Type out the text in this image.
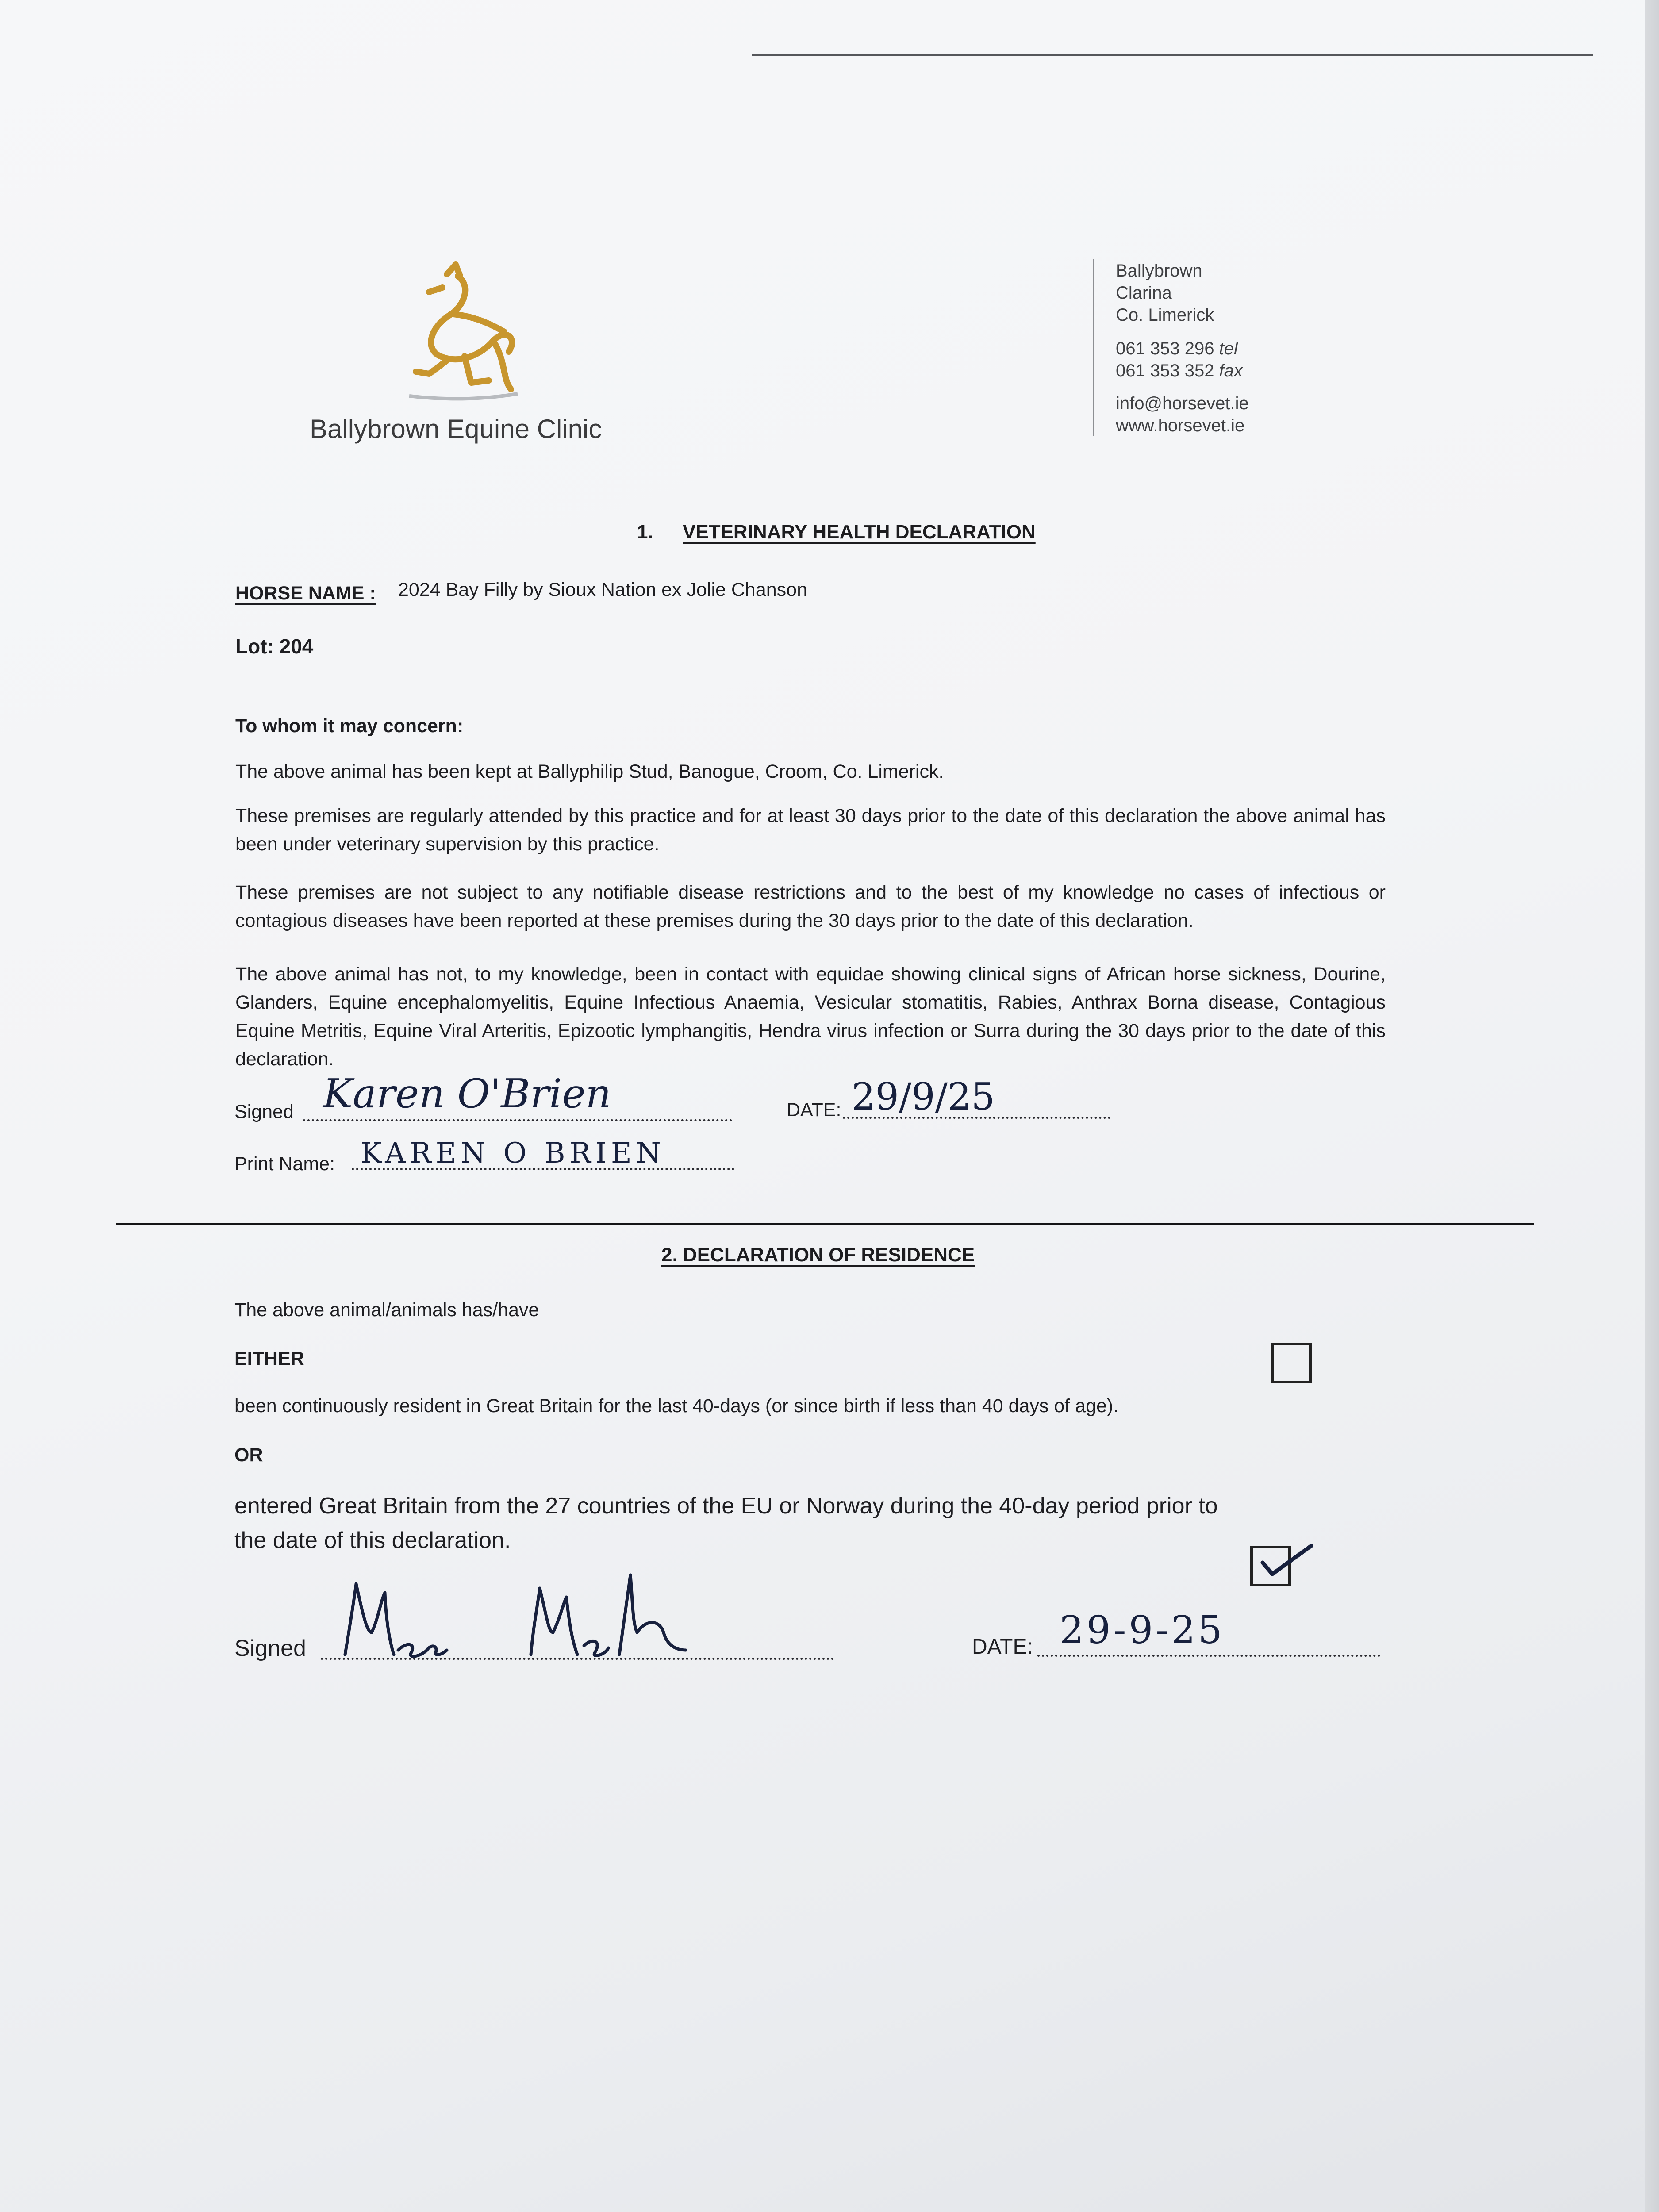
Ballybrown Equine Clinic
Ballybrown
Clarina
Co. Limerick
061 353 296 tel
061 353 352 fax
info@horsevet.ie
www.horsevet.ie
1. VETERINARY HEALTH DECLARATION
HORSE NAME : 2024 Bay Filly by Sioux Nation ex Jolie Chanson
Lot: 204
To whom it may concern:
The above animal has been kept at Ballyphilip Stud, Banogue, Croom, Co. Limerick.
These premises are regularly attended by this practice and for at least 30 days prior to the date of this declaration the above animal has been under veterinary supervision by this practice.
These premises are not subject to any notifiable disease restrictions and to the best of my knowledge no cases of infectious or contagious diseases have been reported at these premises during the 30 days prior to the date of this declaration.
The above animal has not, to my knowledge, been in contact with equidae showing clinical signs of African horse sickness, Dourine, Glanders, Equine encephalomyelitis, Equine Infectious Anaemia, Vesicular stomatitis, Rabies, Anthrax Borna disease, Contagious Equine Metritis, Equine Viral Arteritis, Epizootic lymphangitis, Hendra virus infection or Surra during the 30 days prior to the date of this declaration.
Signed Karen O'Brien	DATE: 29/9/25
Print Name: KAREN O BRIEN
2. DECLARATION OF RESIDENCE
The above animal/animals has/have
EITHER
been continuously resident in Great Britain for the last 40-days (or since birth if less than 40 days of age).
OR
entered Great Britain from the 27 countries of the EU or Norway during the 40-day period prior to
the date of this declaration.
Signed	DATE: 29-9-25
